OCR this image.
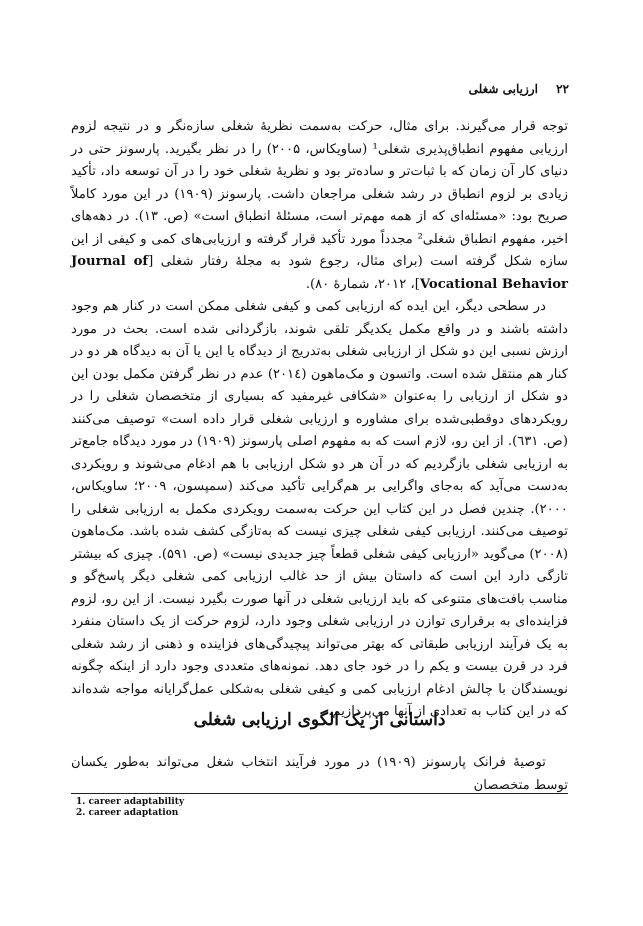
۲۲ ارزیابی شغلی

توجه قرار می‌گیرند. برای مثال، حرکت به‌سمت نظریهٔ شغلی سازه‌نگر و در نتیجه لزوم ارزیابی مفهوم انطباق‌پذیری شغلی¹ (ساویکاس، ۲۰۰۵) را در نظر بگیرید. پارسونز حتی در دنیای کار آن زمان که با ثبات‌تر و ساده‌تر بود و نظریهٔ شغلی خود را در آن توسعه داد، تأکید زیادی بر لزوم انطباق در رشد شغلی مراجعان داشت. پارسونز (۱۹۰۹) در این مورد کاملاً صریح بود: «مسئله‌ای که از همه مهم‌تر است، مسئلهٔ انطباق است» (ص. ۱۳). در دهه‌های اخیر، مفهوم انطباق شغلی² مجدداً مورد تأکید قرار گرفته و ارزیابی‌های کمی و کیفی از این سازه شکل گرفته است (برای مثال، رجوع شود به مجلهٔ رفتار شغلی [Journal of Vocational Behavior]، ۲۰۱۲، شمارهٔ ۸۰).

در سطحی دیگر، این ایده که ارزیابی کمی و کیفی شغلی ممکن است در کنار هم وجود داشته باشند و در واقع مکمل یکدیگر تلقی شوند، بازگردانی شده است. بحث در مورد ارزش نسبی این دو شکل از ارزیابی شغلی به‌تدریج از دیدگاه یا این یا آن به دیدگاه هر دو در کنار هم منتقل شده است. واتسون و مک‌ماهون (۲۰۱٤) عدم در نظر گرفتن مکمل بودن این دو شکل از ارزیابی را به‌عنوان «شکافی غیرمفید که بسیاری از متخصصان شغلی را در رویکردهای دوقطبی‌شده برای مشاوره و ارزیابی شغلی قرار داده است» توصیف می‌کنند (ص. ٦٣١). از این رو، لازم است که به مفهوم اصلی پارسونز (۱۹۰۹) در مورد دیدگاه جامع‌تر به ارزیابی شغلی بازگردیم که در آن هر دو شکل ارزیابی با هم ادغام می‌شوند و رویکردی به‌دست می‌آید که به‌جای واگرایی بر هم‌گرایی تأکید می‌کند (سمپسون، ۲۰۰۹؛ ساویکاس، ۲۰۰۰). چندین فصل در این کتاب این حرکت به‌سمت رویکردی مکمل به ارزیابی شغلی را توصیف می‌کنند. ارزیابی کیفی شغلی چیزی نیست که به‌تازگی کشف شده باشد. مک‌ماهون (۲۰۰۸) می‌گوید «ارزیابی کیفی شغلی قطعاً چیز جدیدی نیست» (ص. ۵۹۱). چیزی که بیشتر تازگی دارد این است که داستان بیش از حد غالب ارزیابی کمی شغلی دیگر پاسخ‌گو و مناسب بافت‌های متنوعی که باید ارزیابی شغلی در آنها صورت بگیرد نیست. از این رو، لزوم فزاینده‌ای به برقراری توازن در ارزیابی شغلی وجود دارد، لزوم حرکت از یک داستان منفرد به یک فرآیند ارزیابی طبقاتی که بهتر می‌تواند پیچیدگی‌های فزاینده و ذهنی از رشد شغلی فرد در قرن بیست و یکم را در خود جای دهد. نمونه‌های متعددی وجود دارد از اینکه چگونه نویسندگان با چالش ادغام ارزیابی کمی و کیفی شغلی به‌شکلی عمل‌گرایانه مواجه شده‌اند که در این کتاب به تعدادی از آنها می‌پردازیم.

داستانی از یک الگوی ارزیابی شغلی

توصیهٔ فرانک پارسونز (۱۹۰۹) در مورد فرآیند انتخاب شغل می‌تواند به‌طور یکسان توسط متخصصان

1. career adaptability
2. career adaptation
